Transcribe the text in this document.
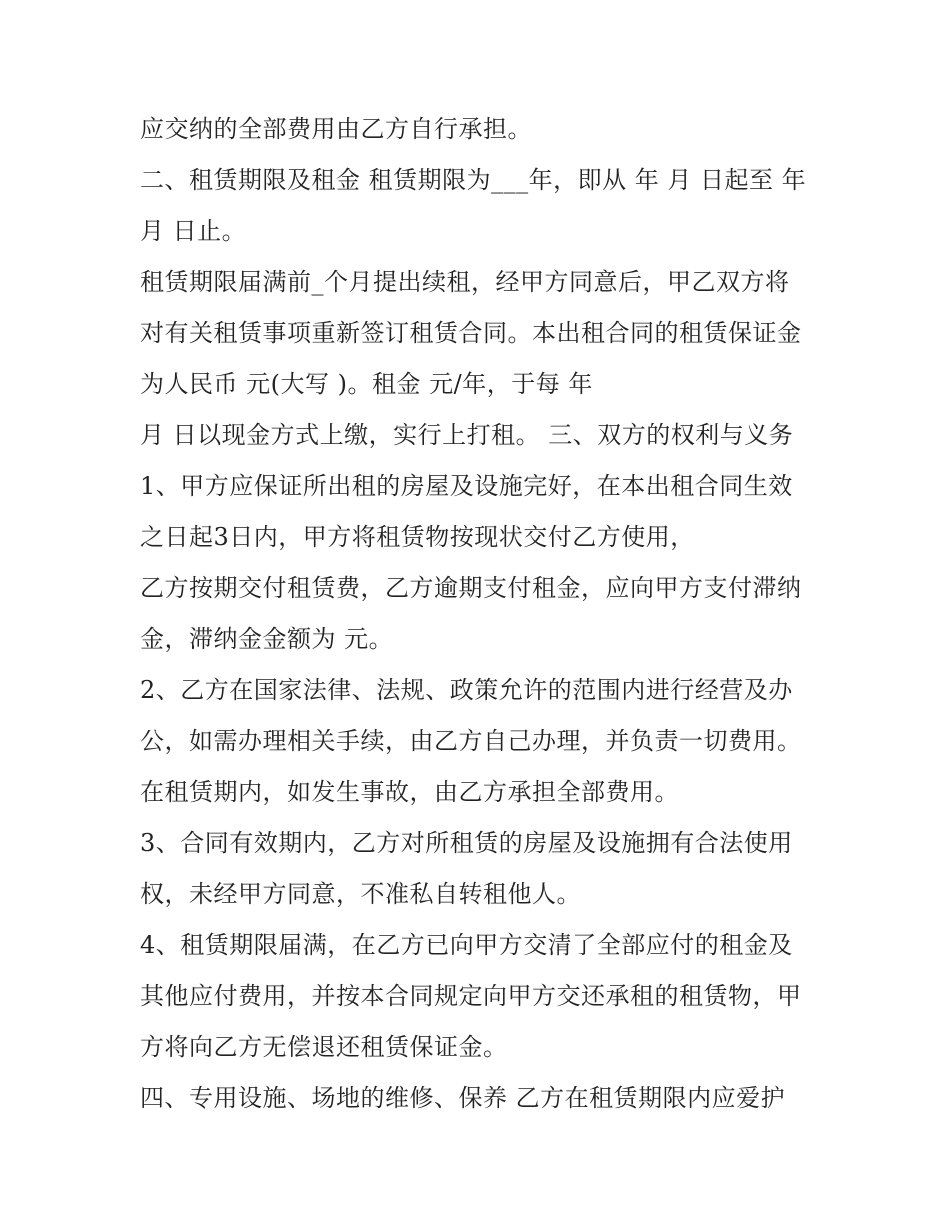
应交纳的全部费用由乙方自行承担。
二、租赁期限及租金 租赁期限为___年，即从 年 月 日起至 年
月 日止。
租赁期限届满前_个月提出续租，经甲方同意后，甲乙双方将
对有关租赁事项重新签订租赁合同。本出租合同的租赁保证金
为人民币 元(大写 )。租金 元/年，于每 年
月 日以现金方式上缴，实行上打租。 三、双方的权利与义务
1、甲方应保证所出租的房屋及设施完好，在本出租合同生效
之日起3日内，甲方将租赁物按现状交付乙方使用，
乙方按期交付租赁费，乙方逾期支付租金，应向甲方支付滞纳
金，滞纳金金额为 元。
2、乙方在国家法律、法规、政策允许的范围内进行经营及办
公，如需办理相关手续，由乙方自己办理，并负责一切费用。
在租赁期内，如发生事故，由乙方承担全部费用。
3、合同有效期内，乙方对所租赁的房屋及设施拥有合法使用
权，未经甲方同意，不准私自转租他人。
4、租赁期限届满，在乙方已向甲方交清了全部应付的租金及
其他应付费用，并按本合同规定向甲方交还承租的租赁物，甲
方将向乙方无偿退还租赁保证金。
四、专用设施、场地的维修、保养 乙方在租赁期限内应爱护
